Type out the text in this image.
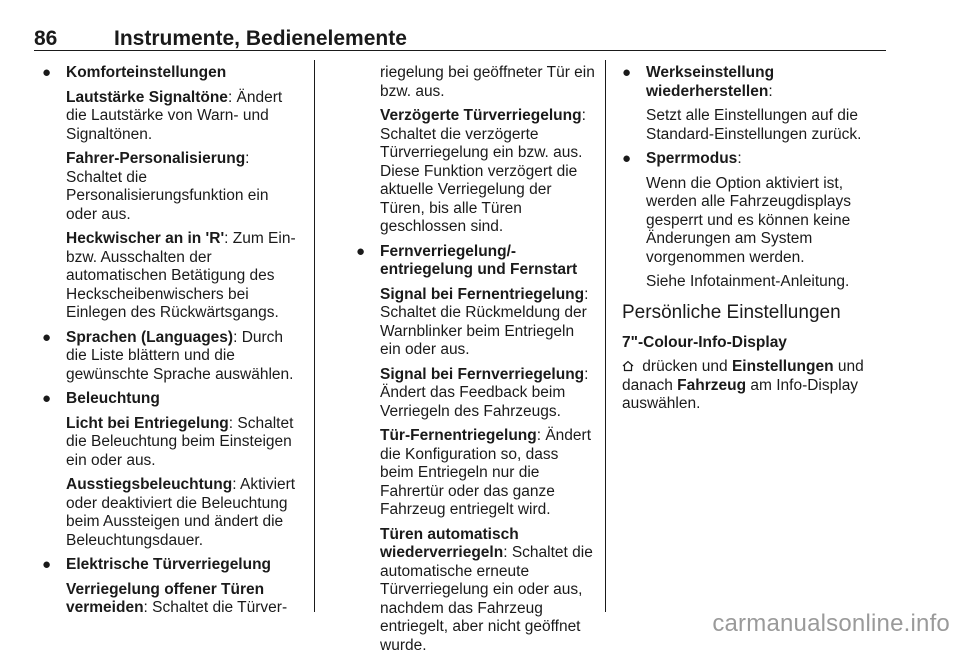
86	Instrumente, Bedienelemente
● Komforteinstellungen
Lautstärke Signaltöne: Ändert die Lautstärke von Warn- und Signaltönen.
Fahrer-Personalisierung: Schaltet die Personalisierungsfunktion ein oder aus.
Heckwischer an in 'R': Zum Ein- bzw. Ausschalten der automatischen Betätigung des Heckscheibenwischers bei Einlegen des Rückwärtsgangs.
● Sprachen (Languages): Durch die Liste blättern und die gewünschte Sprache auswählen.
● Beleuchtung
Licht bei Entriegelung: Schaltet die Beleuchtung beim Einsteigen ein oder aus.
Ausstiegsbeleuchtung: Aktiviert oder deaktiviert die Beleuchtung beim Aussteigen und ändert die Beleuchtungsdauer.
● Elektrische Türverriegelung
Verriegelung offener Türen vermeiden: Schaltet die Türver-
riegelung bei geöffneter Tür ein bzw. aus.
Verzögerte Türverriegelung: Schaltet die verzögerte Türverriegelung ein bzw. aus. Diese Funktion verzögert die aktuelle Verriegelung der Türen, bis alle Türen geschlossen sind.
● Fernverriegelung/-entriegelung und Fernstart
Signal bei Fernentriegelung: Schaltet die Rückmeldung der Warnblinker beim Entriegeln ein oder aus.
Signal bei Fernverriegelung: Ändert das Feedback beim Verriegeln des Fahrzeugs.
Tür-Fernentriegelung: Ändert die Konfiguration so, dass beim Entriegeln nur die Fahrertür oder das ganze Fahrzeug entriegelt wird.
Türen automatisch wiederverriegeln: Schaltet die automatische erneute Türverriegelung ein oder aus, nachdem das Fahrzeug entriegelt, aber nicht geöffnet wurde.
● Werkseinstellung wiederherstellen:
Setzt alle Einstellungen auf die Standard-Einstellungen zurück.
● Sperrmodus:
Wenn die Option aktiviert ist, werden alle Fahrzeugdisplays gesperrt und es können keine Änderungen am System vorgenommen werden.
Siehe Infotainment-Anleitung.
Persönliche Einstellungen
7"-Colour-Info-Display
drücken und Einstellungen und danach Fahrzeug am Info-Display auswählen.
carmanualsonline.info
